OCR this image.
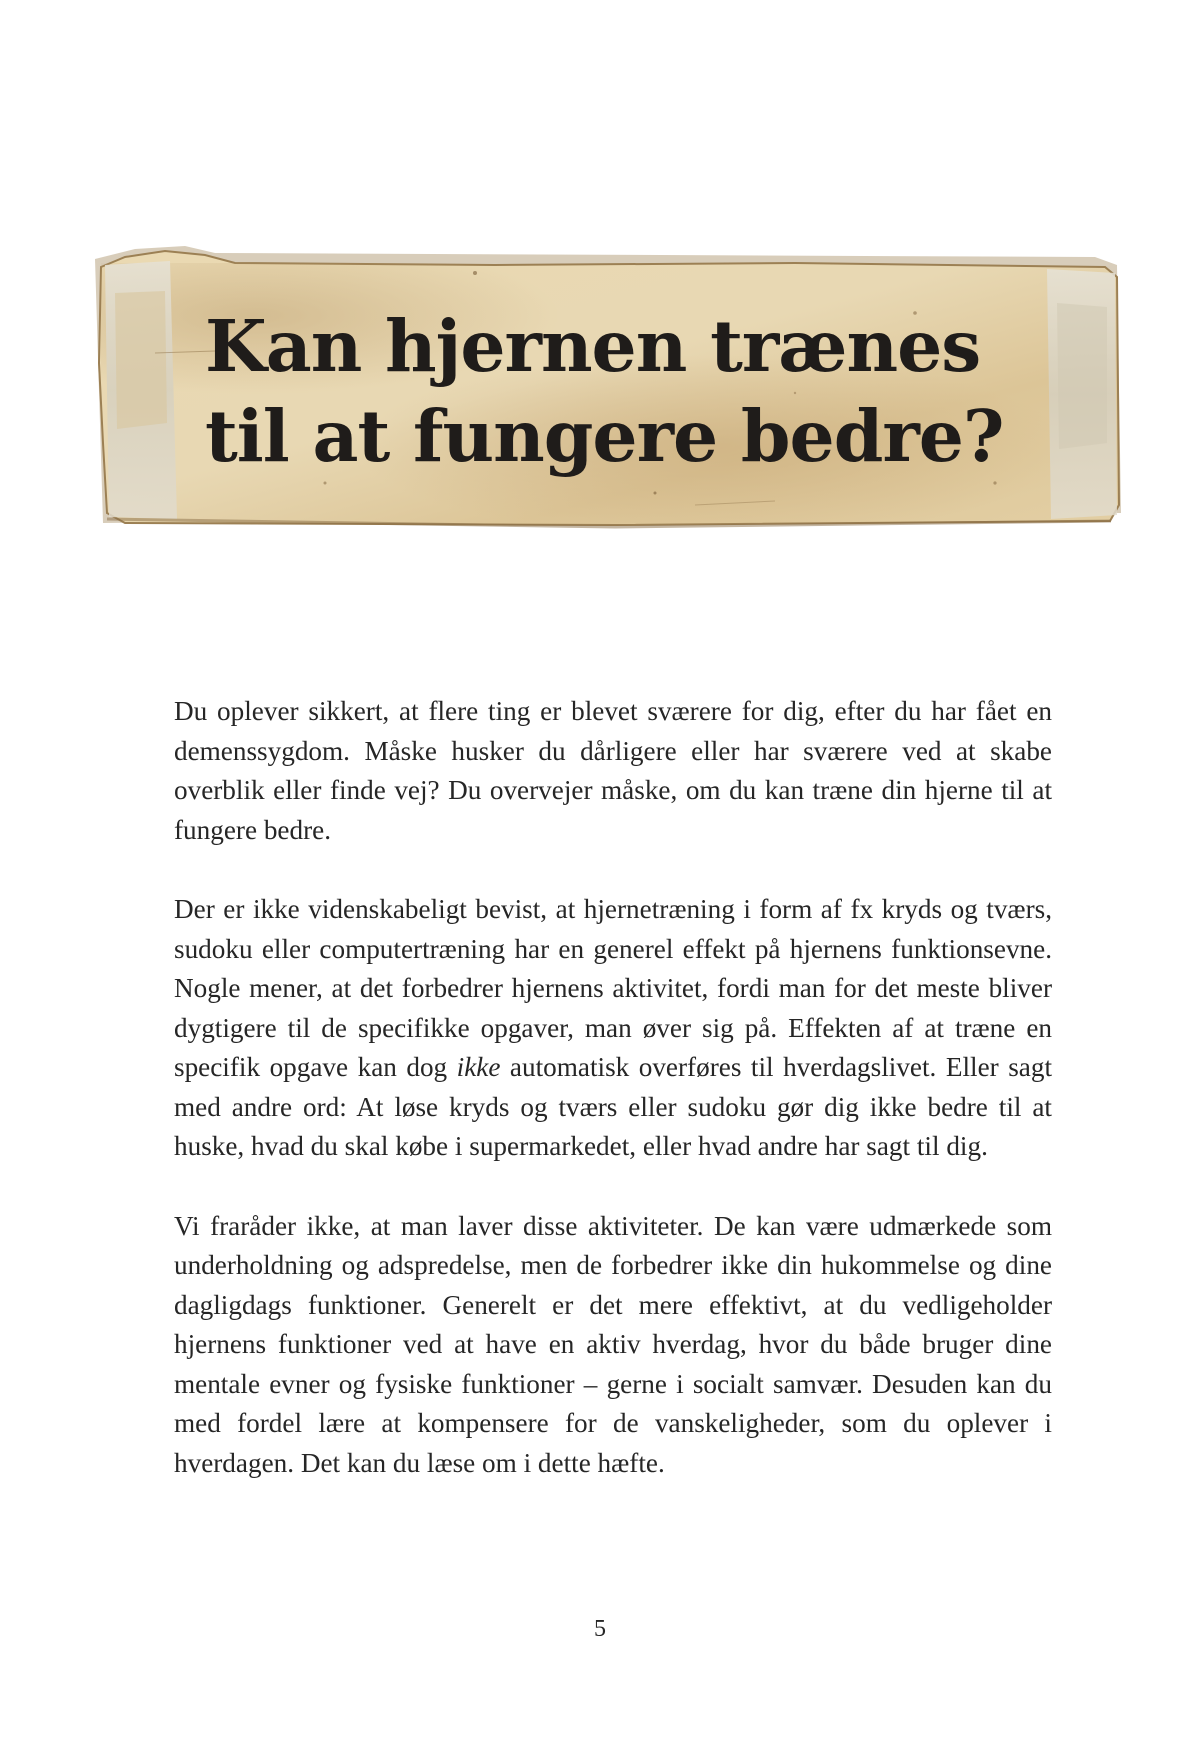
Kan hjernen trænes
til at fungere bedre?

Du oplever sikkert, at flere ting er blevet sværere for dig, efter du har fået en demenssygdom. Måske husker du dårligere eller har sværere ved at skabe overblik eller finde vej? Du overvejer måske, om du kan træne din hjerne til at fungere bedre.

Der er ikke videnskabeligt bevist, at hjernetræning i form af fx kryds og tværs, sudoku eller computertræning har en generel effekt på hjernens funktionsevne. Nogle mener, at det forbedrer hjernens aktivitet, fordi man for det meste bliver dygtigere til de specifikke opgaver, man øver sig på. Effekten af at træne en specifik opgave kan dog ikke automatisk overføres til hverdagslivet. Eller sagt med andre ord: At løse kryds og tværs eller sudoku gør dig ikke bedre til at huske, hvad du skal købe i supermarkedet, eller hvad andre har sagt til dig.

Vi fraråder ikke, at man laver disse aktiviteter. De kan være udmærkede som underholdning og adspredelse, men de forbedrer ikke din hukommelse og dine dagligdags funktioner. Generelt er det mere effektivt, at du vedligeholder hjernens funktioner ved at have en aktiv hverdag, hvor du både bruger dine mentale evner og fysiske funktioner – gerne i socialt samvær. Desuden kan du med fordel lære at kompensere for de vanskeligheder, som du oplever i hverdagen. Det kan du læse om i dette hæfte.

5
